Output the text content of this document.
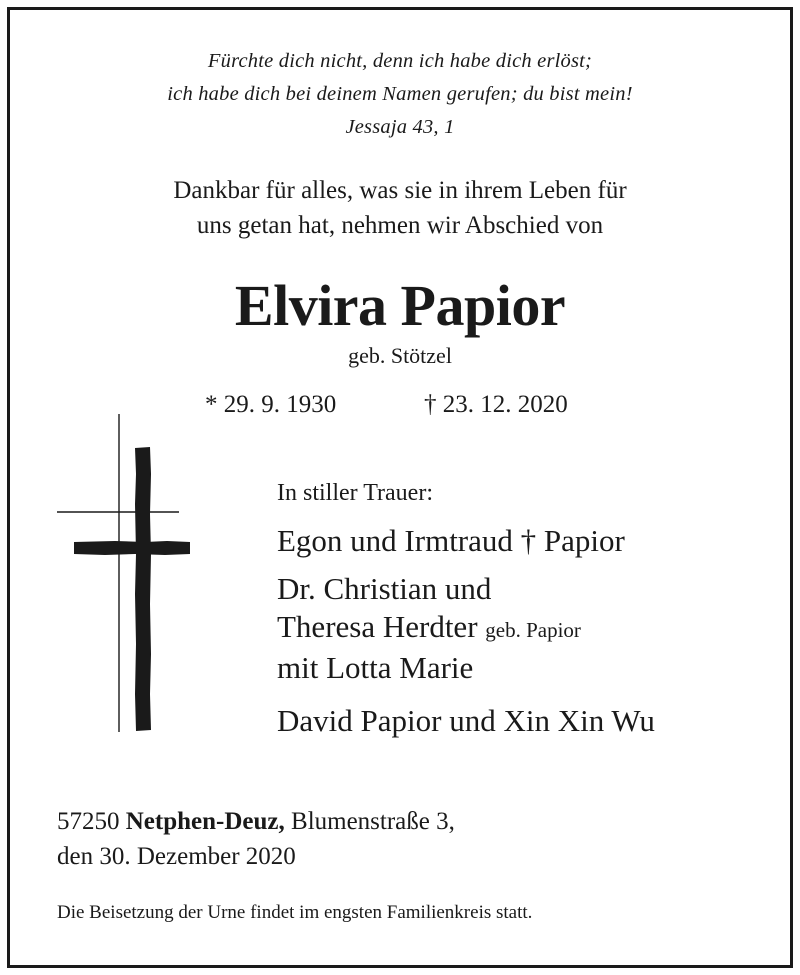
Fürchte dich nicht, denn ich habe dich erlöst;
ich habe dich bei deinem Namen gerufen; du bist mein!
Jessaja 43, 1
Dankbar für alles, was sie in ihrem Leben für
uns getan hat, nehmen wir Abschied von
Elvira Papior
geb. Stötzel
* 29. 9. 1930	† 23. 12. 2020
In stiller Trauer:
Egon und Irmtraud † Papior
Dr. Christian und
Theresa Herdter geb. Papior
mit Lotta Marie
David Papior und Xin Xin Wu
57250 Netphen-Deuz, Blumenstraße 3,
den 30. Dezember 2020
Die Beisetzung der Urne findet im engsten Familienkreis statt.
